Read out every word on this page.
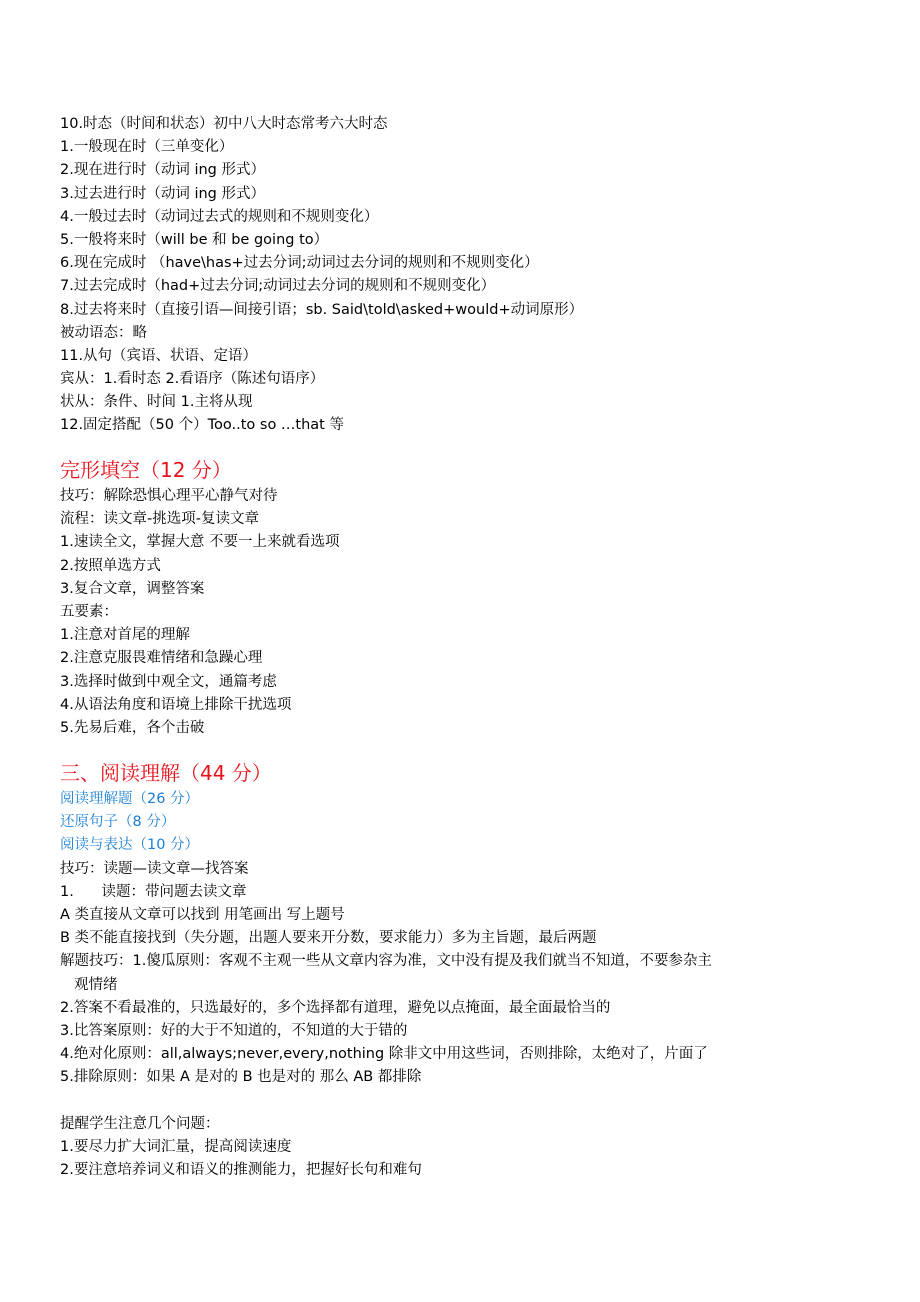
10.时态（时间和状态）初中八大时态常考六大时态
1.一般现在时（三单变化）
2.现在进行时（动词 ing 形式）
3.过去进行时（动词 ing 形式）
4.一般过去时（动词过去式的规则和不规则变化）
5.一般将来时（will be 和 be going to）
6.现在完成时 （have\has+过去分词;动词过去分词的规则和不规则变化）
7.过去完成时（had+过去分词;动词过去分词的规则和不规则变化）
8.过去将来时（直接引语—间接引语；sb. Said\told\asked+would+动词原形）
被动语态：略
11.从句（宾语、状语、定语）
宾从：1.看时态 2.看语序（陈述句语序）
状从：条件、时间 1.主将从现
12.固定搭配（50 个）Too..to so …that 等
完形填空（12 分）
技巧：解除恐惧心理平心静气对待
流程：读文章-挑选项-复读文章
1.速读全文，掌握大意 不要一上来就看选项
2.按照单选方式
3.复合文章，调整答案
五要素：
1.注意对首尾的理解
2.注意克服畏难情绪和急躁心理
3.选择时做到中观全文，通篇考虑
4.从语法角度和语境上排除干扰选项
5.先易后难，各个击破
三、阅读理解（44 分）
阅读理解题（26 分）
还原句子（8 分）
阅读与表达（10 分）
技巧：读题—读文章—找答案
1.      读题：带问题去读文章
A 类直接从文章可以找到 用笔画出 写上题号
B 类不能直接找到（失分题，出题人要来开分数，要求能力）多为主旨题，最后两题
解题技巧：1.傻瓜原则：客观不主观一些从文章内容为准，文中没有提及我们就当不知道，不要参杂主
观情绪
2.答案不看最准的，只选最好的，多个选择都有道理，避免以点掩面，最全面最恰当的
3.比答案原则：好的大于不知道的，不知道的大于错的
4.绝对化原则：all,always;never,every,nothing 除非文中用这些词，否则排除，太绝对了，片面了
5.排除原则：如果 A 是对的 B 也是对的 那么 AB 都排除
提醒学生注意几个问题：
1.要尽力扩大词汇量，提高阅读速度
2.要注意培养词义和语义的推测能力，把握好长句和难句
